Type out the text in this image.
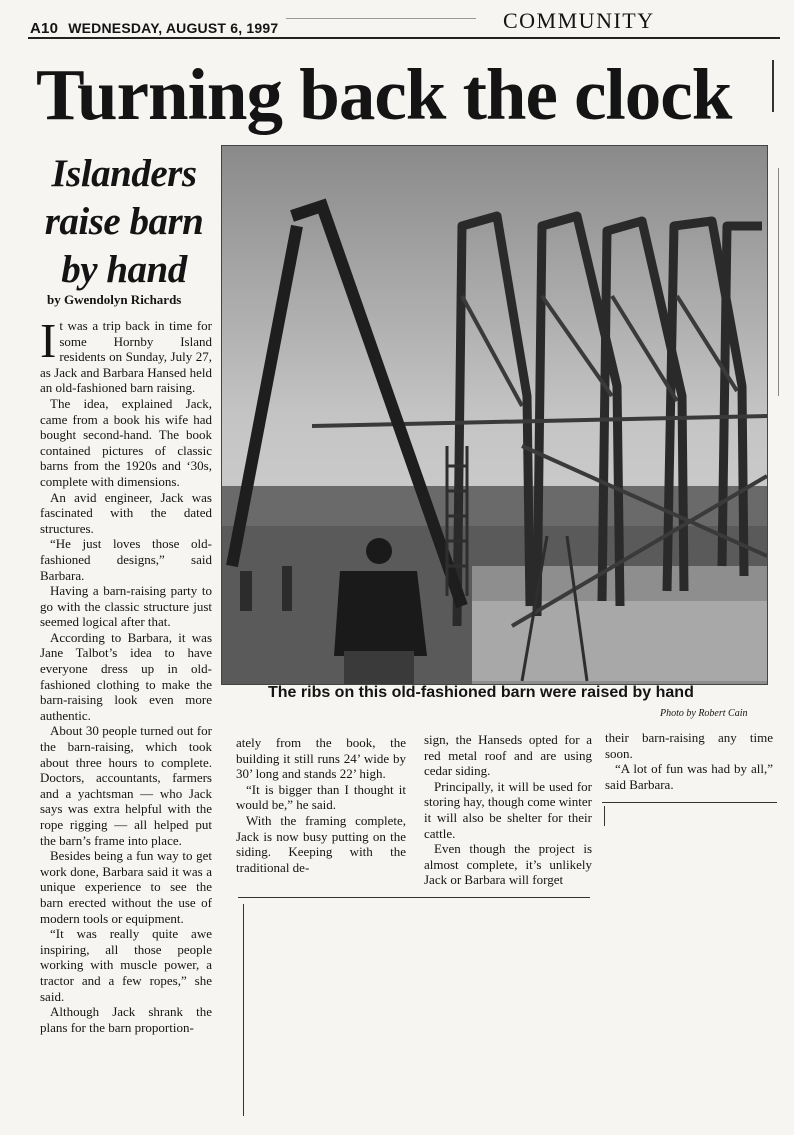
A10 WEDNESDAY, AUGUST 6, 1997	COMMUNITY
Turning back the clock
Islanders
raise barn
by hand
by Gwendolyn Richards
The ribs on this old-fashioned barn were raised by hand
Photo by Robert Cain

It was a trip back in time for some Hornby Island residents on Sunday, July 27, as Jack and Barbara Hansed held an old-fashioned barn raising.

The idea, explained Jack, came from a book his wife had bought second-hand. The book contained pictures of classic barns from the 1920s and ‘30s, complete with dimensions.

An avid engineer, Jack was fascinated with the dated structures.

“He just loves those old-fashioned designs,” said Barbara.

Having a barn-raising party to go with the classic structure just seemed logical after that.

According to Barbara, it was Jane Talbot’s idea to have everyone dress up in old-fashioned clothing to make the barn-raising look even more authentic.

About 30 people turned out for the barn-raising, which took about three hours to complete. Doctors, accountants, farmers and a yachtsman — who Jack says was extra helpful with the rope rigging — all helped put the barn’s frame into place.

Besides being a fun way to get work done, Barbara said it was a unique experience to see the barn erected without the use of modern tools or equipment.

“It was really quite awe inspiring, all those people working with muscle power, a tractor and a few ropes,” she said.

Although Jack shrank the plans for the barn proportion-

ately from the book, the building it still runs 24’ wide by 30’ long and stands 22’ high.

“It is bigger than I thought it would be,” he said.

With the framing complete, Jack is now busy putting on the siding. Keeping with the traditional de-

sign, the Hanseds opted for a red metal roof and are using cedar siding.

Principally, it will be used for storing hay, though come winter it will also be shelter for their cattle.

Even though the project is almost complete, it’s unlikely Jack or Barbara will forget

their barn-raising any time soon.

“A lot of fun was had by all,” said Barbara.
